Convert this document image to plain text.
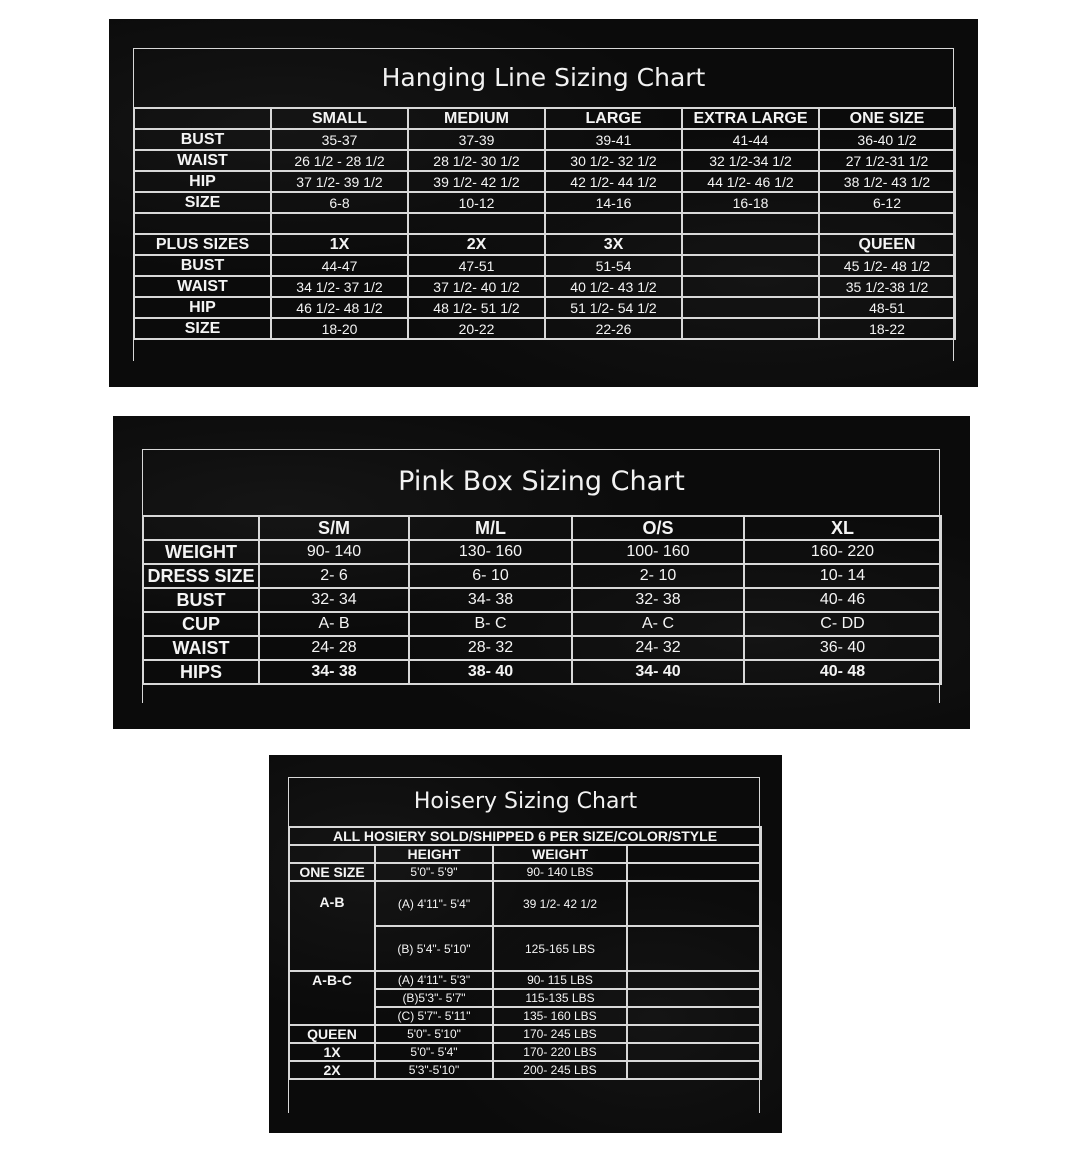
Hanging Line Sizing Chart
	SMALL	MEDIUM	LARGE	EXTRA LARGE	ONE SIZE
BUST	35-37	37-39	39-41	41-44	36-40 1/2
WAIST	26 1/2 - 28 1/2	28 1/2- 30 1/2	30 1/2- 32 1/2	32 1/2-34 1/2	27 1/2-31 1/2
HIP	37 1/2- 39 1/2	39 1/2- 42 1/2	42 1/2- 44 1/2	44 1/2- 46 1/2	38 1/2- 43 1/2
SIZE	6-8	10-12	14-16	16-18	6-12

PLUS SIZES	1X	2X	3X		QUEEN
BUST	44-47	47-51	51-54		45 1/2- 48 1/2
WAIST	34 1/2- 37 1/2	37 1/2- 40 1/2	40 1/2- 43 1/2		35 1/2-38 1/2
HIP	46 1/2- 48 1/2	48 1/2- 51 1/2	51 1/2- 54 1/2		48-51
SIZE	18-20	20-22	22-26		18-22
Pink Box Sizing Chart
	S/M	M/L	O/S	XL
WEIGHT	90- 140	130- 160	100- 160	160- 220
DRESS SIZE	2- 6	6- 10	2- 10	10- 14
BUST	32- 34	34- 38	32- 38	40- 46
CUP	A- B	B- C	A- C	C- DD
WAIST	24- 28	28- 32	24- 32	36- 40
HIPS	34- 38	38- 40	34- 40	40- 48
Hoisery Sizing Chart
ALL HOSIERY SOLD/SHIPPED 6 PER SIZE/COLOR/STYLE			
	HEIGHT	WEIGHT	
ONE SIZE	5'0"- 5'9"	90- 140 LBS	
A-B	(A) 4'11"- 5'4"	39 1/2- 42 1/2	
	(B) 5'4"- 5'10"	125-165 LBS	
A-B-C	(A) 4'11"- 5'3"	90- 115 LBS	
	(B)5'3"- 5'7"	115-135 LBS	
	(C) 5'7"- 5'11"	135- 160 LBS	
QUEEN	5'0"- 5'10"	170- 245 LBS	
1X	5'0"- 5'4"	170- 220 LBS	
2X	5'3"-5'10"	200- 245 LBS	
